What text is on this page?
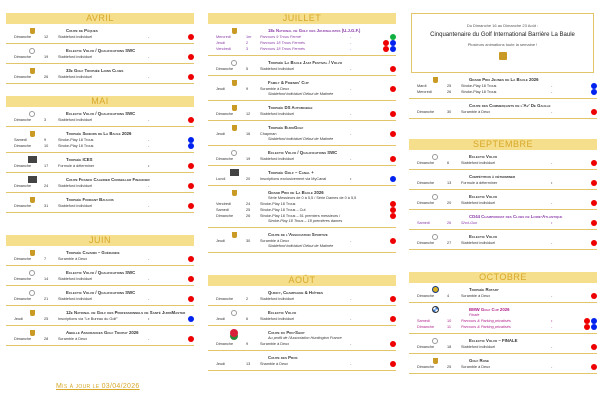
AVRIL
Coupe de Pâques
Dimanche	12	Stableford individuel	-
Eclectic Volvo / Qualifications SWC
Dimanche	19	Stableford individuel	-
33e Golf Trophée Lions Clubs
Dimanche	26	Stableford individuel	-
MAI
Eclectic Volvo / Qualifications SWC
Dimanche	3	Stableford individuel	-
Trophée Seniors de La Baule 2026
Samedi	9	Stroke-Play 18 Trous	-
Dimanche	10	Stroke-Play 18 Trous	-
Trophée ICES
Dimanche	17	Formule à déterminer	•
Coupe Franck Calbrier Conseiller Financier
Dimanche	24	Stableford individuel	-
Trophée Fondant Baulois
Dimanche	31	Stableford individuel	-
JUIN
Trophée Cavanin – Guérande
Dimanche	7	Scramble à Deux	-
Eclectic Volvo / Qualifications SWC
Dimanche	14	Stableford individuel	-
Eclectic Volvo / Qualifications SWC
Dimanche	21	Stableford individuel	-
12e National de Golf des Professionnels de Santé JurisMaster
Jeudi	25	Inscriptions via "Le Bureau du Golf"	•
Abeille Assurances Golf Trophy 2026
Dimanche	28	Scramble à Deux	-
Mis à jour le 03/04/2026
JUILLET
18e National de Golf des Journalistes (U.J.G.F.)
Mercredi	1er	Parcours 9 Trous Fermé	-
Jeudi	2	Parcours 18 Trous Fermés	-
Vendredi	3	Parcours 18 Trous Fermés	-
Trophée La Baule Jazz Festival / Volvo
Dimanche	5	Stableford individuel	-
Family & Friends' Cup
Jeudi	9	Scramble à Deux	-
Stableford individuel Début de Matinée
Trophée DS Automobile
Dimanche	12	Stableford individuel	-
Trophée EuroGolf
Jeudi	16	Chapman	-
Stableford individuel Début de Matinée
Eclectic Volvo / Qualifications SWC
Dimanche	19	Stableford individuel	-
Trophée Golf – Canal +
Lundi	20	Inscriptions exclusivement via MyCanal	•
Grand Prix de La Baule 2026
Série Messieurs de 0 à 5,5 / Série Dames de 0 à 5,5
Vendredi	24	Stroke-Play 18 Trous
Samedi	25	Stroke-Play 18 Trous – Cut
Dimanche	26	Stroke-Play 18 Trous – 51 premiers messieurs /
Stroke-Play 18 Trous – 18 premières dames
Coupe de l'Association Sportive
Jeudi	30	Scramble à Deux	-
Stableford individuel Début de Matinée
AOÛT
Quincy, Champagne & Huîtres
Dimanche	2	Stableford individuel	-
Eclectic Volvo
Jeudi	6	Stableford individuel	-
Coupe du Pro-Shop
Au profit de l'Association Huntington France
Dimanche	9	Scramble à Deux	-
Coupe des Pros
Jeudi	13	Shamble à Deux	-
Du Dimanche 16 au Dimanche 23 Août :
Cinquantenaire du Golf International Barrière La Baule
Plusieurs animations toute la semaine !
Grand Prix Jeunes de La Baule 2026
Mardi	25	Stroke-Play 18 Trous	-
Mercredi	26	Stroke-Play 18 Trous	-
Coupe des Commerçants de l'Av' De Gaulle
Dimanche	30	Scramble à Deux	-
SEPTEMBRE
Eclectic Volvo
Dimanche	6	Stableford individuel	-
Compétition à déterminer
Dimanche	13	Formule à déterminer	•
Eclectic Volvo
Dimanche	20	Stableford individuel	-
CD44 Championnat des Clubs de Loire-Atlantique
Samedi	26	Shot-Gun	•
Eclectic Volvo
Dimanche	27	Stableford individuel	-
OCTOBRE
Trophée Rotary
Dimanche	4	Scramble à Deux	-
BMW Golf Cup 2026
Finale
Samedi	10	Parcours & Parking privatisés	•
Dimanche	11	Parcours & Parking privatisés	-
Eclectic Volvo – FINALE
Dimanche	18	Stableford individuel	-
Golf Rose
Dimanche	25	Scramble à Deux	-
